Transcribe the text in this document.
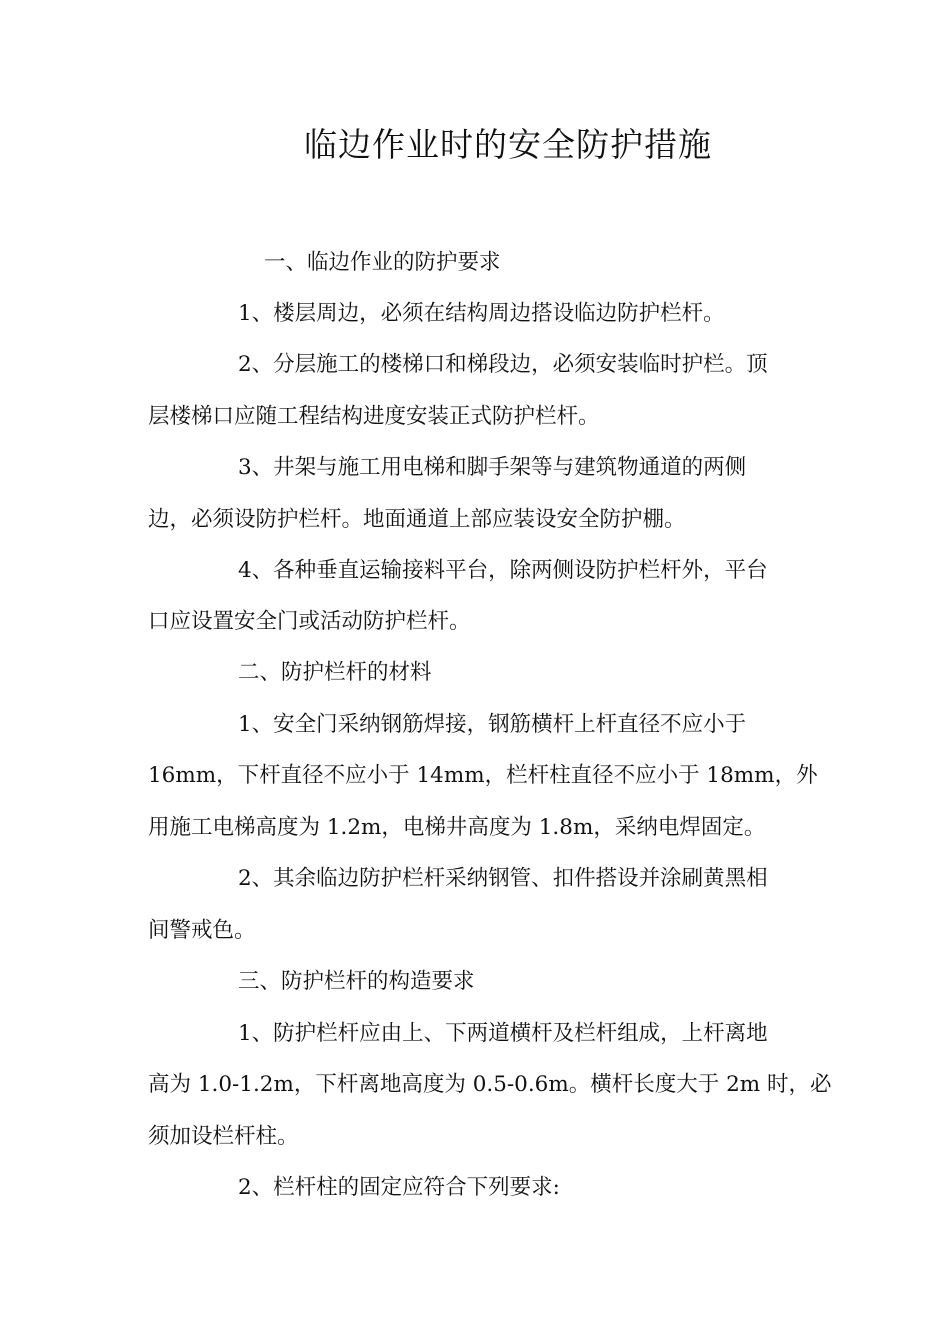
临边作业时的安全防护措施
一、临边作业的防护要求
1、楼层周边，必须在结构周边搭设临边防护栏杆。
2、分层施工的楼梯口和梯段边，必须安装临时护栏。顶
层楼梯口应随工程结构进度安装正式防护栏杆。
3、井架与施工用电梯和脚手架等与建筑物通道的两侧
边，必须设防护栏杆。地面通道上部应装设安全防护棚。
4、各种垂直运输接料平台，除两侧设防护栏杆外，平台
口应设置安全门或活动防护栏杆。
二、防护栏杆的材料
1、安全门采纳钢筋焊接，钢筋横杆上杆直径不应小于
16mm，下杆直径不应小于 14mm，栏杆柱直径不应小于 18mm，外
用施工电梯高度为 1.2m，电梯井高度为 1.8m，采纳电焊固定。
2、其余临边防护栏杆采纳钢管、扣件搭设并涂刷黄黑相
间警戒色。
三、防护栏杆的构造要求
1、防护栏杆应由上、下两道横杆及栏杆组成，上杆离地
高为 1.0-1.2m，下杆离地高度为 0.5-0.6m。横杆长度大于 2m 时，必
须加设栏杆柱。
2、栏杆柱的固定应符合下列要求:
